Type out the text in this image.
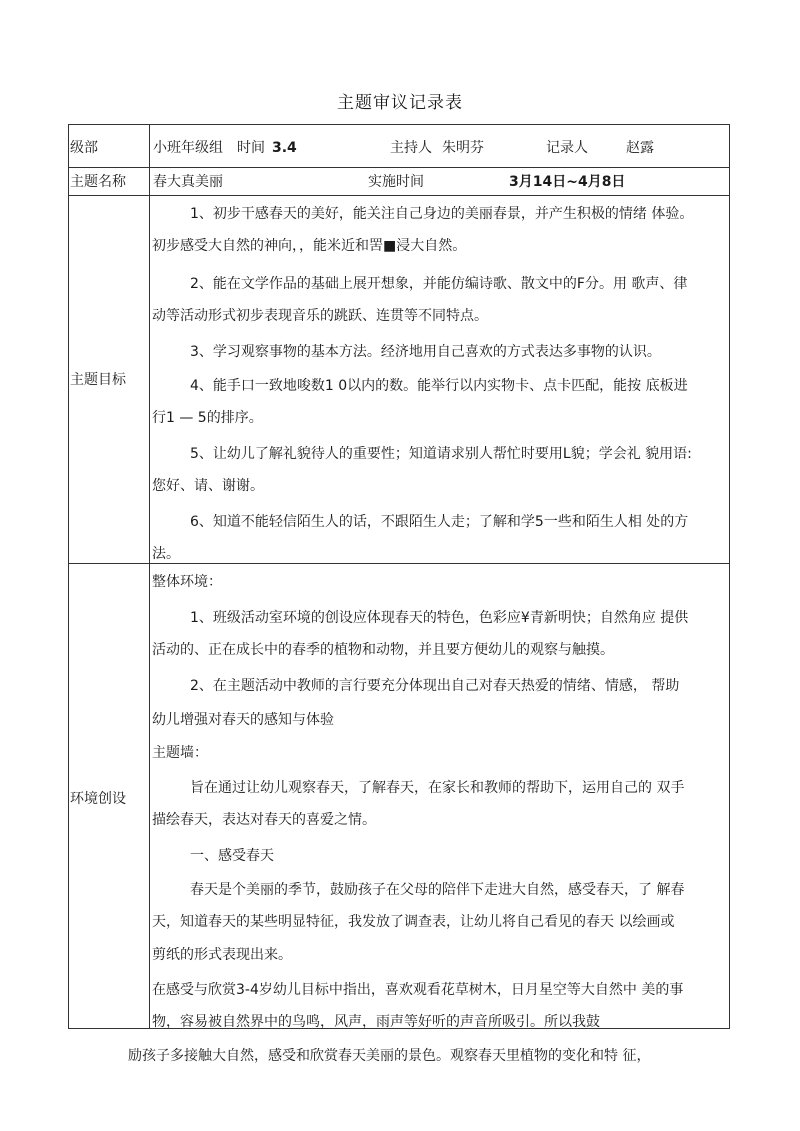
主题审议记录表
级部	小班年级组 时间 3.4	主持人 朱明芬	记录人	赵露
主题名称 春大真美丽	实施时间	3月14日~4月8日
主题目标
1、初步干感春天的美好，能关注自己身边的美丽春景，并产生积极的情绪 体验。
初步感受大自然的神向，，能米近和罟■浸大自然。
2、能在文学作品的基础上展开想象，并能仿编诗歌、散文中的F分。用 歌声、律
动等活动形式初步表现音乐的跳跃、连贯等不同特点。
3、学习观察事物的基本方法。经济地用自己喜欢的方式表达多事物的认识。
4、能手口一致地唆数1 0以内的数。能举行以内实物卡、点卡匹配，能按 底板进
行1 — 5的排序。
5、让幼儿了解礼貌待人的重要性；知道请求别人帮忙时要用L貌；学会礼 貌用语:
您好、请、谢谢。
6、知道不能轻信陌生人的话，不跟陌生人走；了解和学5一些和陌生人相 处的方
法。
环境创设
整体环境：
1、班级活动室环境的创设应体现春天的特色，色彩应¥青新明快；自然角应 提供
活动的、正在成长中的春季的植物和动物，并且要方便幼儿的观察与触摸。
2、在主题活动中教师的言行要充分体现出自己对春天热爱的情绪、情感， 帮助
幼儿增强对春天的感知与体验
主题墙：
旨在通过让幼儿观察春天，了解春天，在家长和教师的帮助下，运用自己的 双手
描绘春天，表达对春天的喜爱之情。
一、感受春天
春天是个美丽的季节，鼓励孩子在父母的陪伴下走进大自然，感受春天，了 解春
天，知道春天的某些明显特征，我发放了调查表，让幼儿将自己看见的春天 以绘画或
剪纸的形式表现出来。
在感受与欣赏3-4岁幼儿目标中指出，喜欢观看花草树木，日月星空等大自然中 美的事
物，容易被自然界中的鸟鸣，风声，雨声等好听的声音所吸引。所以我鼓
励孩子多接触大自然，感受和欣赏春天美丽的景色。观察春天里植物的变化和特 征，
